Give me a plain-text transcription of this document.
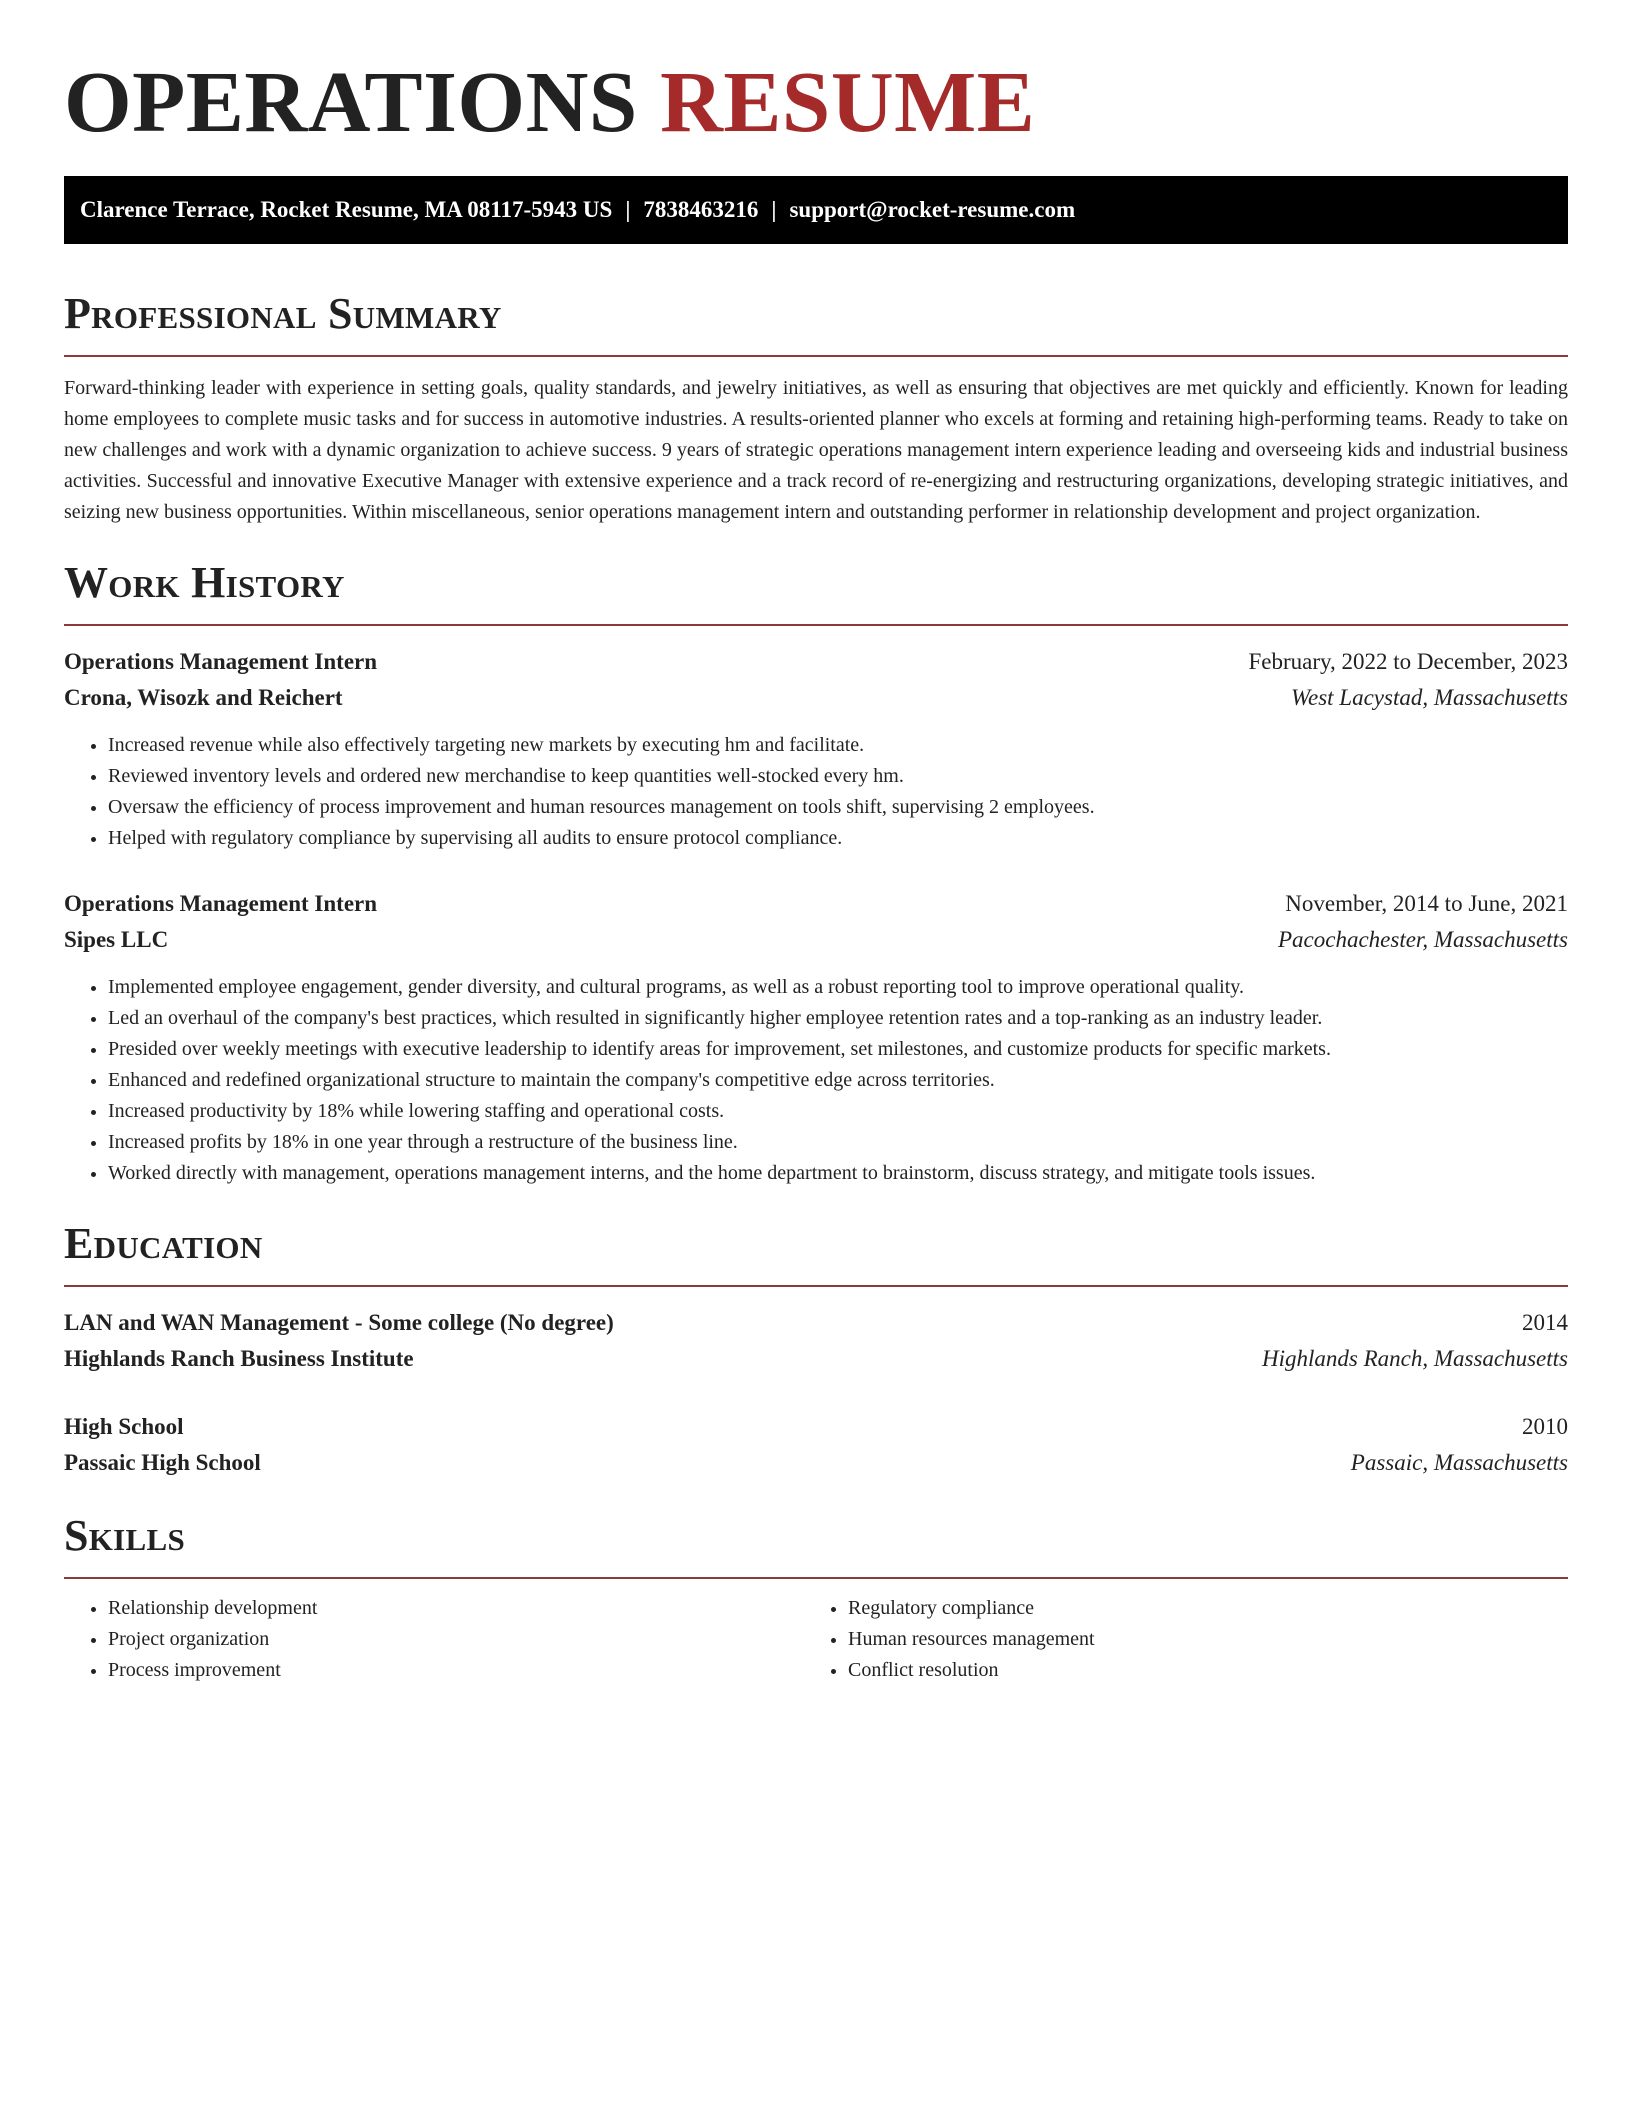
OPERATIONS RESUME
Clarence Terrace, Rocket Resume, MA 08117-5943 US | 7838463216 | support@rocket-resume.com
Professional Summary

Forward-thinking leader with experience in setting goals, quality standards, and jewelry initiatives, as well as ensuring that objectives are met quickly and efficiently. Known for leading home employees to complete music tasks and for success in automotive industries. A results-oriented planner who excels at forming and retaining high-performing teams. Ready to take on new challenges and work with a dynamic organization to achieve success. 9 years of strategic operations management intern experience leading and overseeing kids and industrial business activities. Successful and innovative Executive Manager with extensive experience and a track record of re-energizing and restructuring organizations, developing strategic initiatives, and seizing new business opportunities. Within miscellaneous, senior operations management intern and outstanding performer in relationship development and project organization.

Work History
Operations Management Intern	February, 2022 to December, 2023
Crona, Wisozk and Reichert	West Lacystad, Massachusetts
• Increased revenue while also effectively targeting new markets by executing hm and facilitate.
• Reviewed inventory levels and ordered new merchandise to keep quantities well-stocked every hm.
• Oversaw the efficiency of process improvement and human resources management on tools shift, supervising 2 employees.
• Helped with regulatory compliance by supervising all audits to ensure protocol compliance.
Operations Management Intern	November, 2014 to June, 2021
Sipes LLC	Pacochachester, Massachusetts
• Implemented employee engagement, gender diversity, and cultural programs, as well as a robust reporting tool to improve operational quality.
• Led an overhaul of the company's best practices, which resulted in significantly higher employee retention rates and a top-ranking as an industry leader.
• Presided over weekly meetings with executive leadership to identify areas for improvement, set milestones, and customize products for specific markets.
• Enhanced and redefined organizational structure to maintain the company's competitive edge across territories.
• Increased productivity by 18% while lowering staffing and operational costs.
• Increased profits by 18% in one year through a restructure of the business line.
• Worked directly with management, operations management interns, and the home department to brainstorm, discuss strategy, and mitigate tools issues.
Education
LAN and WAN Management - Some college (No degree)	2014
Highlands Ranch Business Institute	Highlands Ranch, Massachusetts
High School	2010
Passaic High School	Passaic, Massachusetts
Skills
• Relationship development
• Project organization
• Process improvement
• Regulatory compliance
• Human resources management
• Conflict resolution
